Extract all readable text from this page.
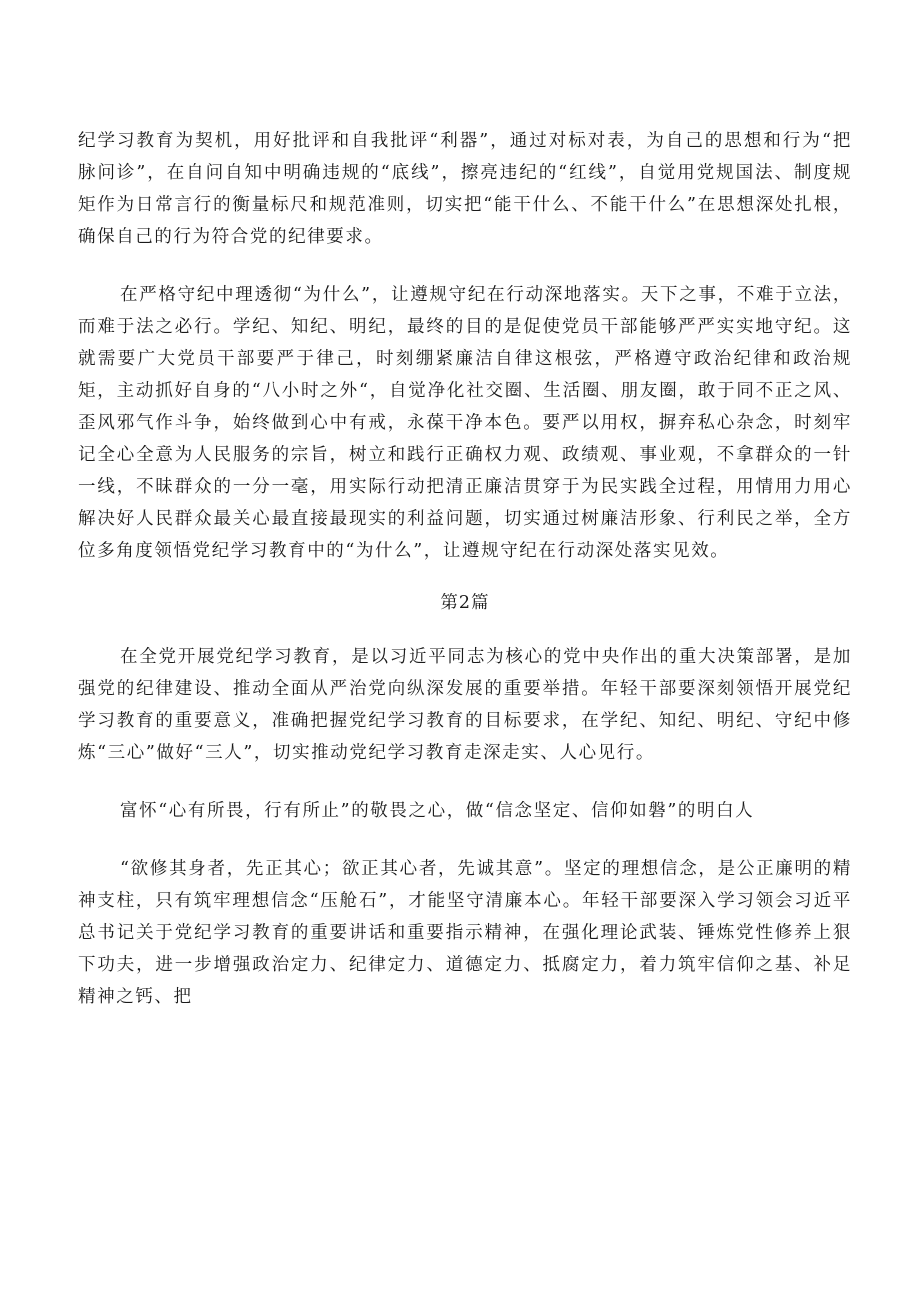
纪学习教育为契机，用好批评和自我批评“利器”，通过对标对表，为自己的思想和行为“把脉问诊”，在自问自知中明确违规的“底线”，擦亮违纪的“红线”，自觉用党规国法、制度规矩作为日常言行的衡量标尺和规范准则，切实把“能干什么、不能干什么”在思想深处扎根，确保自己的行为符合党的纪律要求。

在严格守纪中理透彻“为什么”，让遵规守纪在行动深地落实。天下之事，不难于立法，而难于法之必行。学纪、知纪、明纪，最终的目的是促使党员干部能够严严实实地守纪。这就需要广大党员干部要严于律己，时刻绷紧廉洁自律这根弦，严格遵守政治纪律和政治规矩，主动抓好自身的“八小时之外“，自觉净化社交圈、生活圈、朋友圈，敢于同不正之风、歪风邪气作斗争，始终做到心中有戒，永葆干净本色。要严以用权，摒弃私心杂念，时刻牢记全心全意为人民服务的宗旨，树立和践行正确权力观、政绩观、事业观，不拿群众的一针一线，不昧群众的一分一毫，用实际行动把清正廉洁贯穿于为民实践全过程，用情用力用心解决好人民群众最关心最直接最现实的利益问题，切实通过树廉洁形象、行利民之举，全方位多角度领悟党纪学习教育中的“为什么”，让遵规守纪在行动深处落实见效。

第2篇

在全党开展党纪学习教育，是以习近平同志为核心的党中央作出的重大决策部署，是加强党的纪律建设、推动全面从严治党向纵深发展的重要举措。年轻干部要深刻领悟开展党纪学习教育的重要意义，准确把握党纪学习教育的目标要求，在学纪、知纪、明纪、守纪中修炼“三心”做好“三人”，切实推动党纪学习教育走深走实、人心见行。

富怀“心有所畏，行有所止”的敬畏之心，做“信念坚定、信仰如磐”的明白人

“欲修其身者，先正其心；欲正其心者，先诚其意”。坚定的理想信念，是公正廉明的精神支柱，只有筑牢理想信念“压舱石”，才能坚守清廉本心。年轻干部要深入学习领会习近平总书记关于党纪学习教育的重要讲话和重要指示精神，在强化理论武装、锤炼党性修养上狠下功夫，进一步增强政治定力、纪律定力、道德定力、抵腐定力，着力筑牢信仰之基、补足精神之钙、把
